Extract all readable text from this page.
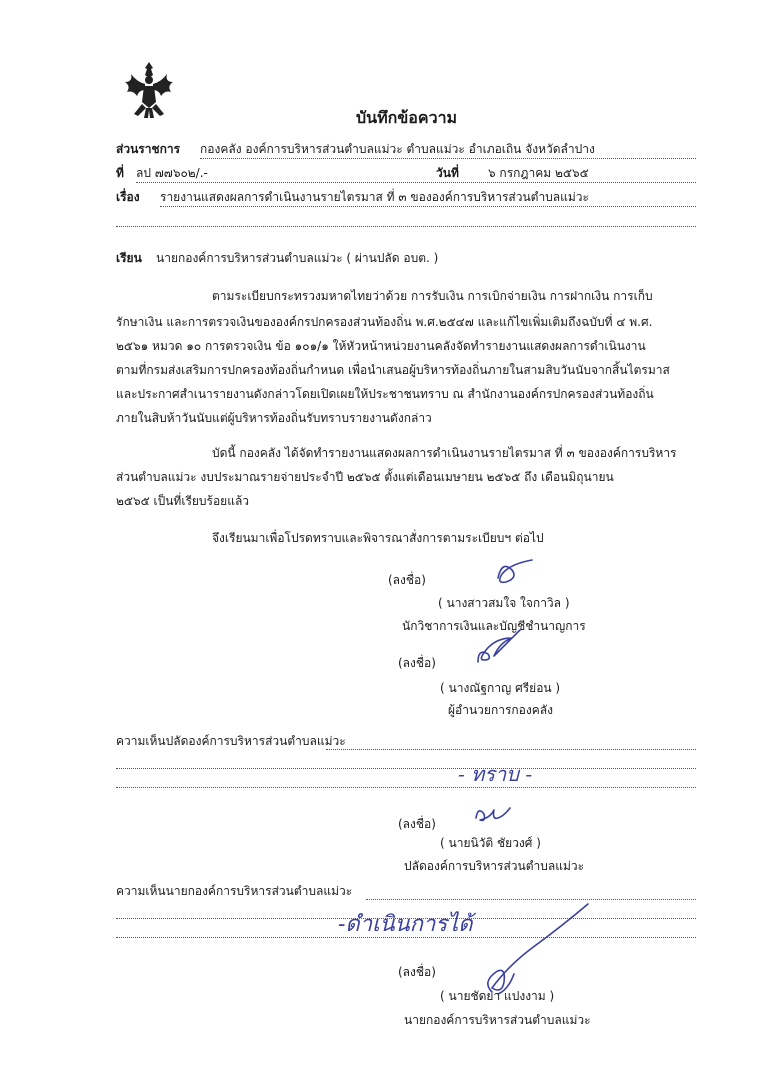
บันทึกข้อความ
ส่วนราชการ กองคลัง องค์การบริหารส่วนตำบลแม่วะ ตำบลแม่วะ อำเภอเถิน จังหวัดลำปาง
ที่ ลป ๗๗๖๐๒/.-	วันที่ ๖ กรกฎาคม ๒๕๖๕
เรื่อง รายงานแสดงผลการดำเนินงานรายไตรมาส ที่ ๓ ขององค์การบริหารส่วนตำบลแม่วะ
เรียน นายกองค์การบริหารส่วนตำบลแม่วะ ( ผ่านปลัด อบต. )
ตามระเบียบกระทรวงมหาดไทยว่าด้วย การรับเงิน การเบิกจ่ายเงิน การฝากเงิน การเก็บ
รักษาเงิน และการตรวจเงินขององค์กรปกครองส่วนท้องถิ่น พ.ศ.๒๕๔๗ และแก้ไขเพิ่มเติมถึงฉบับที่ ๔ พ.ศ.
๒๕๖๑ หมวด ๑๐ การตรวจเงิน ข้อ ๑๐๑/๑ ให้หัวหน้าหน่วยงานคลังจัดทำรายงานแสดงผลการดำเนินงาน
ตามที่กรมส่งเสริมการปกครองท้องถิ่นกำหนด เพื่อนำเสนอผู้บริหารท้องถิ่นภายในสามสิบวันนับจากสิ้นไตรมาส
และประกาศสำเนารายงานดังกล่าวโดยเปิดเผยให้ประชาชนทราบ ณ สำนักงานองค์กรปกครองส่วนท้องถิ่น
ภายในสิบห้าวันนับแต่ผู้บริหารท้องถิ่นรับทราบรายงานดังกล่าว
บัดนี้ กองคลัง ได้จัดทำรายงานแสดงผลการดำเนินงานรายไตรมาส ที่ ๓ ขององค์การบริหาร
ส่วนตำบลแม่วะ งบประมาณรายจ่ายประจำปี ๒๕๖๕ ตั้งแต่เดือนเมษายน ๒๕๖๕ ถึง เดือนมิถุนายน
๒๕๖๕ เป็นที่เรียบร้อยแล้ว
จึงเรียนมาเพื่อโปรดทราบและพิจารณาสั่งการตามระเบียบฯ ต่อไป
(ลงชื่อ)
( นางสาวสมใจ ใจกาวิล )
นักวิชาการเงินและบัญชีชำนาญการ
(ลงชื่อ)
( นางณัฐกาญ ศรีย่อน )
ผู้อำนวยการกองคลัง
ความเห็นปลัดองค์การบริหารส่วนตำบลแม่วะ
- ทราบ -
(ลงชื่อ)
( นายนิวัติ ชัยวงศ์ )
ปลัดองค์การบริหารส่วนตำบลแม่วะ
ความเห็นนายกองค์การบริหารส่วนตำบลแม่วะ
-ดำเนินการได้
(ลงชื่อ)
( นายชัดยา แปงงาม )
นายกองค์การบริหารส่วนตำบลแม่วะ
